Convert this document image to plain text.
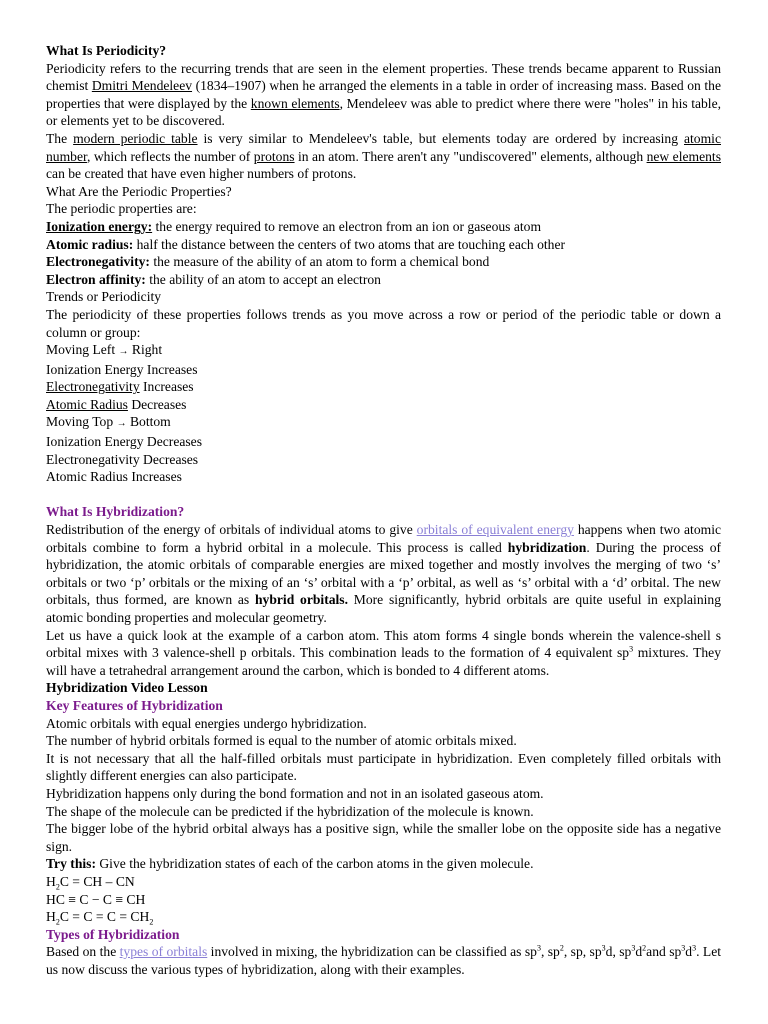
What Is Periodicity?

Periodicity refers to the recurring trends that are seen in the element properties. These trends became apparent to Russian chemist Dmitri Mendeleev (1834–1907) when he arranged the elements in a table in order of increasing mass. Based on the properties that were displayed by the known elements, Mendeleev was able to predict where there were "holes" in his table, or elements yet to be discovered.

The modern periodic table is very similar to Mendeleev's table, but elements today are ordered by increasing atomic number, which reflects the number of protons in an atom. There aren't any "undiscovered" elements, although new elements can be created that have even higher numbers of protons.

What Are the Periodic Properties?

The periodic properties are:

Ionization energy: the energy required to remove an electron from an ion or gaseous atom

Atomic radius: half the distance between the centers of two atoms that are touching each other

Electronegativity: the measure of the ability of an atom to form a chemical bond

Electron affinity: the ability of an atom to accept an electron

Trends or Periodicity

The periodicity of these properties follows trends as you move across a row or period of the periodic table or down a column or group:

Moving Left → Right

Ionization Energy Increases

Electronegativity Increases

Atomic Radius Decreases

Moving Top → Bottom

Ionization Energy Decreases

Electronegativity Decreases

Atomic Radius Increases

What Is Hybridization?

Redistribution of the energy of orbitals of individual atoms to give orbitals of equivalent energy happens when two atomic orbitals combine to form a hybrid orbital in a molecule. This process is called hybridization. During the process of hybridization, the atomic orbitals of comparable energies are mixed together and mostly involves the merging of two ‘s’ orbitals or two ‘p’ orbitals or the mixing of an ‘s’ orbital with a ‘p’ orbital, as well as ‘s’ orbital with a ‘d’ orbital. The new orbitals, thus formed, are known as hybrid orbitals. More significantly, hybrid orbitals are quite useful in explaining atomic bonding properties and molecular geometry.

Let us have a quick look at the example of a carbon atom. This atom forms 4 single bonds wherein the valence-shell s orbital mixes with 3 valence-shell p orbitals. This combination leads to the formation of 4 equivalent $sp^3$ mixtures. They will have a tetrahedral arrangement around the carbon, which is bonded to 4 different atoms.

Hybridization Video Lesson

Key Features of Hybridization

Atomic orbitals with equal energies undergo hybridization.

The number of hybrid orbitals formed is equal to the number of atomic orbitals mixed.

It is not necessary that all the half-filled orbitals must participate in hybridization. Even completely filled orbitals with slightly different energies can also participate.

Hybridization happens only during the bond formation and not in an isolated gaseous atom.

The shape of the molecule can be predicted if the hybridization of the molecule is known.

The bigger lobe of the hybrid orbital always has a positive sign, while the smaller lobe on the opposite side has a negative sign.

Try this: Give the hybridization states of each of the carbon atoms in the given molecule.

$H_2C$ = CH – CN

HC ≡ C − C ≡ CH

$H_2C = C = C = CH_2$

Types of Hybridization

Based on the types of orbitals involved in mixing, the hybridization can be classified as $sp^3$, $sp^2$, sp, $sp^3d$, $sp^3d^2and$ $sp^3d^3$. Let us now discuss the various types of hybridization, along with their examples.
